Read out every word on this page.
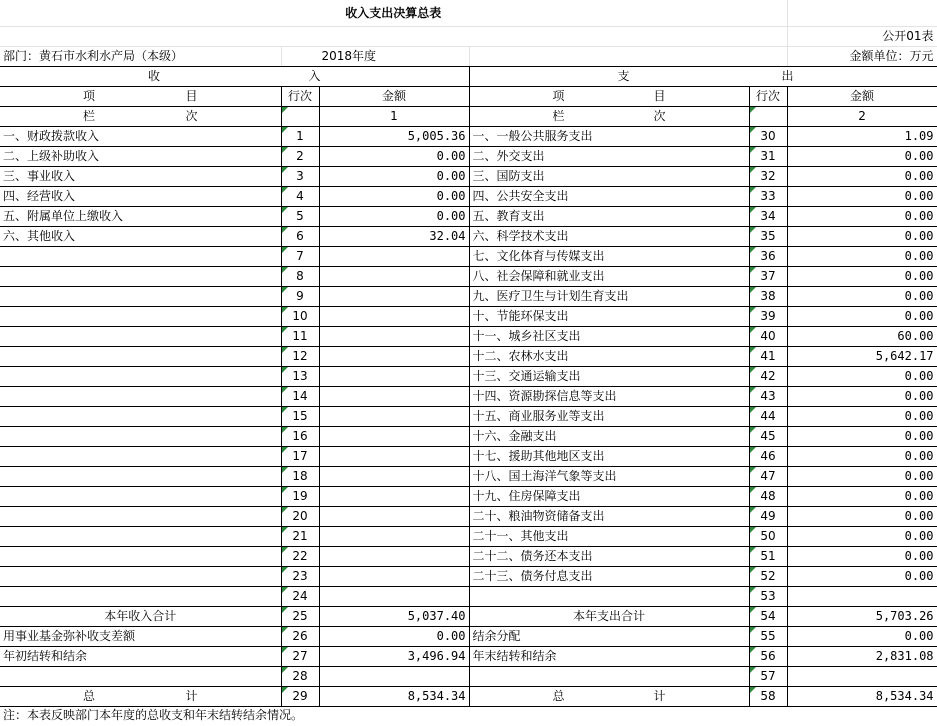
收入支出决算总表					
					公开01表
部门：黄石市水利水产局（本级）	2018年度				金额单位：万元

收 入			支 出		

项 目	行次	金额	项 目	行次	金额

栏 次		1	栏 次		2
一、财政拨款收入	1	5,005.36	一、一般公共服务支出	30	1.09
二、上级补助收入	2	0.00	二、外交支出	31	0.00
三、事业收入	3	0.00	三、国防支出	32	0.00
四、经营收入	4	0.00	四、公共安全支出	33	0.00
五、附属单位上缴收入	5	0.00	五、教育支出	34	0.00
六、其他收入	6	32.04	六、科学技术支出	35	0.00
	7		七、文化体育与传媒支出	36	0.00
	8		八、社会保障和就业支出	37	0.00
	9		九、医疗卫生与计划生育支出	38	0.00
	10		十、节能环保支出	39	0.00
	11		十一、城乡社区支出	40	60.00
	12		十二、农林水支出	41	5,642.17
	13		十三、交通运输支出	42	0.00
	14		十四、资源勘探信息等支出	43	0.00
	15		十五、商业服务业等支出	44	0.00
	16		十六、金融支出	45	0.00
	17		十七、援助其他地区支出	46	0.00
	18		十八、国土海洋气象等支出	47	0.00
	19		十九、住房保障支出	48	0.00
	20		二十、粮油物资储备支出	49	0.00
	21		二十一、其他支出	50	0.00
	22		二十二、债务还本支出	51	0.00
	23		二十三、债务付息支出	52	0.00
	24			53	
本年收入合计	25	5,037.40	本年支出合计	54	5,703.26
用事业基金弥补收支差额	26	0.00	结余分配	55	0.00
年初结转和结余	27	3,496.94	年末结转和结余	56	2,831.08
	28			57	

总 计	29	8,534.34	总 计	58	8,534.34
注：本表反映部门本年度的总收支和年末结转结余情况。
